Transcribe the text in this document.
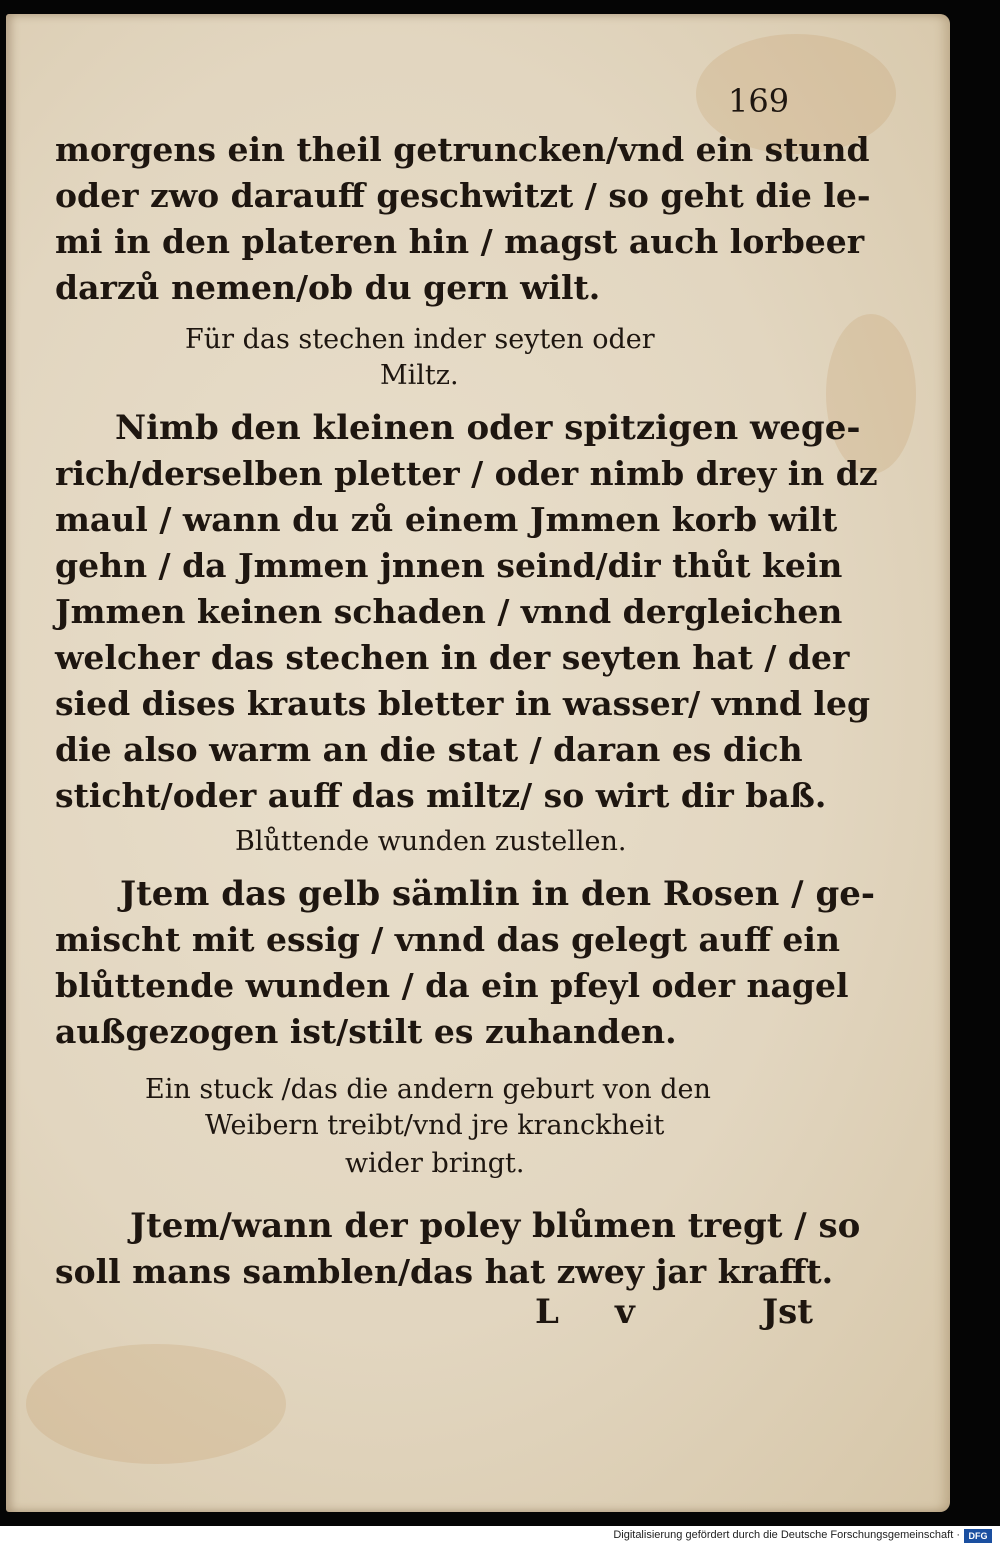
169
morgens ein theil getruncken/vnd ein stund
oder zwo darauff geschwitzt / so geht die le-
mi in den plateren hin / magst auch lorbeer
darzů nemen/ob du gern wilt.
Für das stechen inder seyten oder
Miltz.
Nimb den kleinen oder spitzigen wege-
rich/derselben pletter / oder nimb drey in dz
maul / wann du zů einem Jmmen korb wilt
gehn / da Jmmen jnnen seind/dir thůt kein
Jmmen keinen schaden / vnnd dergleichen
welcher das stechen in der seyten hat / der
sied dises krauts bletter in wasser/ vnnd leg
die also warm an die stat / daran es dich
sticht/oder auff das miltz/ so wirt dir baß.
Blůttende wunden zustellen.
Jtem das gelb sämlin in den Rosen / ge-
mischt mit essig / vnnd das gelegt auff ein
blůttende wunden / da ein pfeyl oder nagel
außgezogen ist/stilt es zuhanden.
Ein stuck /das die andern geburt von den
Weibern treibt/vnd jre kranckheit
wider bringt.
Jtem/wann der poley blůmen tregt / so
soll mans samblen/das hat zwey jar krafft.
L v	Jst
Digitalisierung gefördert durch die Deutsche Forschungsgemeinschaft · DFG
